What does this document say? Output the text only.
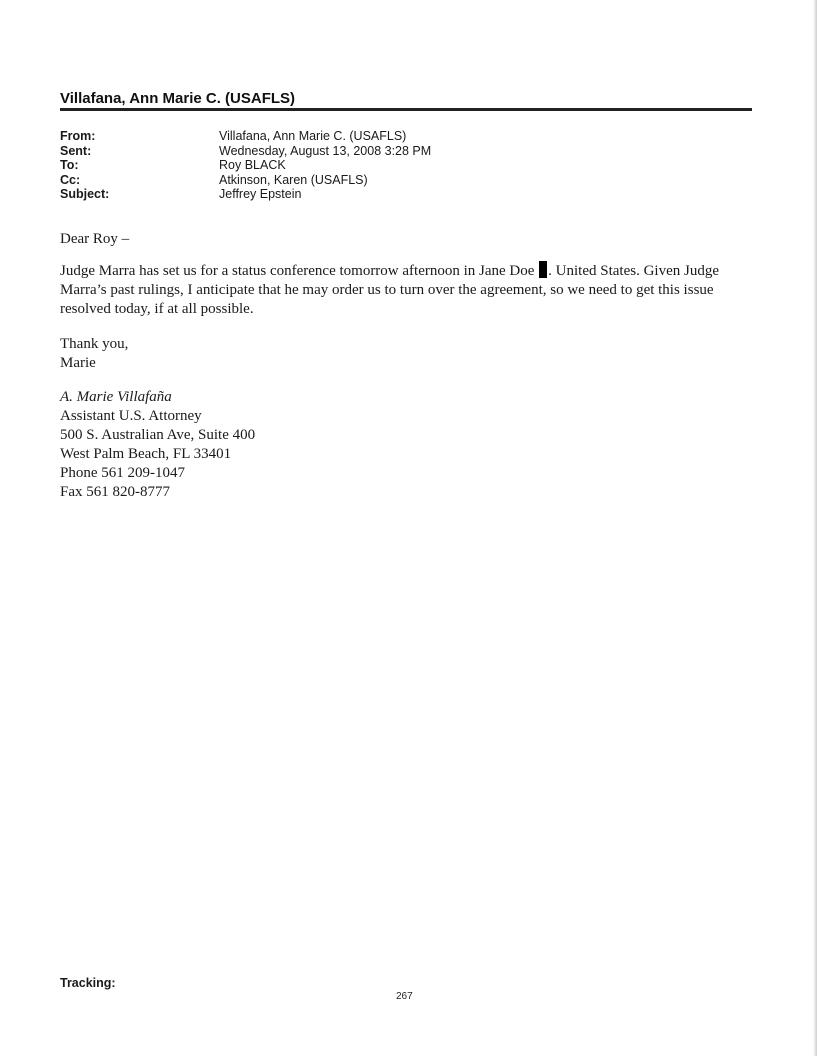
Villafana, Ann Marie C. (USAFLS)
From:	Villafana, Ann Marie C. (USAFLS)
Sent:	Wednesday, August 13, 2008 3:28 PM
To:	Roy BLACK
Cc:	Atkinson, Karen (USAFLS)
Subject:	Jeffrey Epstein
Dear Roy –
Judge Marra has set us for a status conference tomorrow afternoon in Jane Doe . United States. Given Judge Marra’s past rulings, I anticipate that he may order us to turn over the agreement, so we need to get this issue resolved today, if at all possible.
Thank you,
Marie
A. Marie Villafaña
Assistant U.S. Attorney
500 S. Australian Ave, Suite 400
West Palm Beach, FL 33401
Phone 561 209-1047
Fax 561 820-8777
Tracking:
267
